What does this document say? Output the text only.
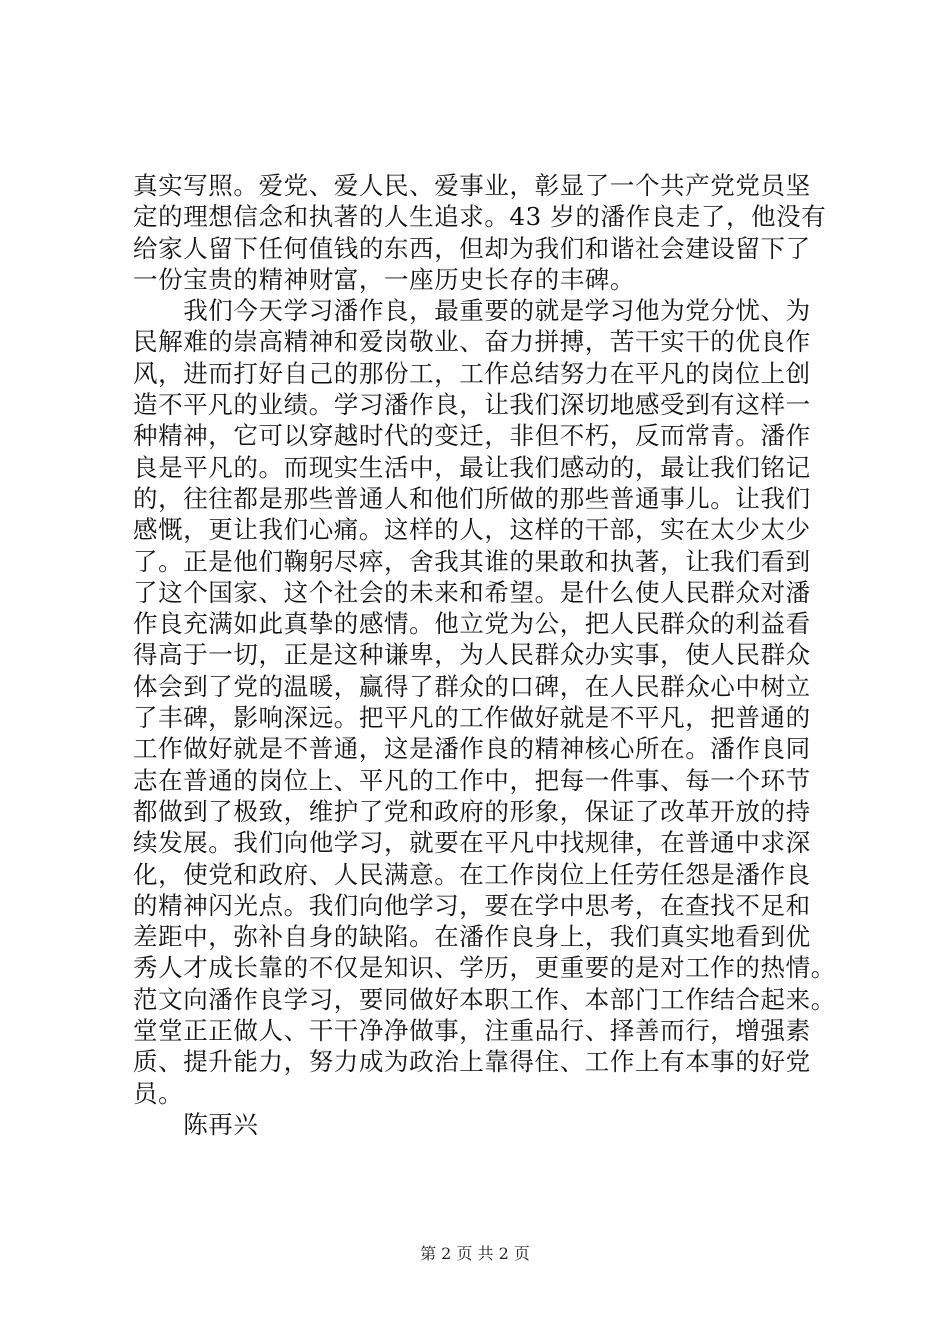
真实写照。爱党、爱人民、爱事业，彰显了一个共产党党员坚
定的理想信念和执著的人生追求。43 岁的潘作良走了，他没有
给家人留下任何值钱的东西，但却为我们和谐社会建设留下了
一份宝贵的精神财富，一座历史长存的丰碑。
　　我们今天学习潘作良，最重要的就是学习他为党分忧、为
民解难的崇高精神和爱岗敬业、奋力拼搏，苦干实干的优良作
风，进而打好自己的那份工，工作总结努力在平凡的岗位上创
造不平凡的业绩。学习潘作良，让我们深切地感受到有这样一
种精神，它可以穿越时代的变迁，非但不朽，反而常青。潘作
良是平凡的。而现实生活中，最让我们感动的，最让我们铭记
的，往往都是那些普通人和他们所做的那些普通事儿。让我们
感慨，更让我们心痛。这样的人，这样的干部，实在太少太少
了。正是他们鞠躬尽瘁，舍我其谁的果敢和执著，让我们看到
了这个国家、这个社会的未来和希望。是什么使人民群众对潘
作良充满如此真挚的感情。他立党为公，把人民群众的利益看
得高于一切，正是这种谦卑，为人民群众办实事，使人民群众
体会到了党的温暖，赢得了群众的口碑，在人民群众心中树立
了丰碑，影响深远。把平凡的工作做好就是不平凡，把普通的
工作做好就是不普通，这是潘作良的精神核心所在。潘作良同
志在普通的岗位上、平凡的工作中，把每一件事、每一个环节
都做到了极致，维护了党和政府的形象，保证了改革开放的持
续发展。我们向他学习，就要在平凡中找规律，在普通中求深
化，使党和政府、人民满意。在工作岗位上任劳任怨是潘作良
的精神闪光点。我们向他学习，要在学中思考，在查找不足和
差距中，弥补自身的缺陷。在潘作良身上，我们真实地看到优
秀人才成长靠的不仅是知识、学历，更重要的是对工作的热情。
范文向潘作良学习，要同做好本职工作、本部门工作结合起来。
堂堂正正做人、干干净净做事，注重品行、择善而行，增强素
质、提升能力，努力成为政治上靠得住、工作上有本事的好党
员。
　　陈再兴
第 2 页 共 2 页
